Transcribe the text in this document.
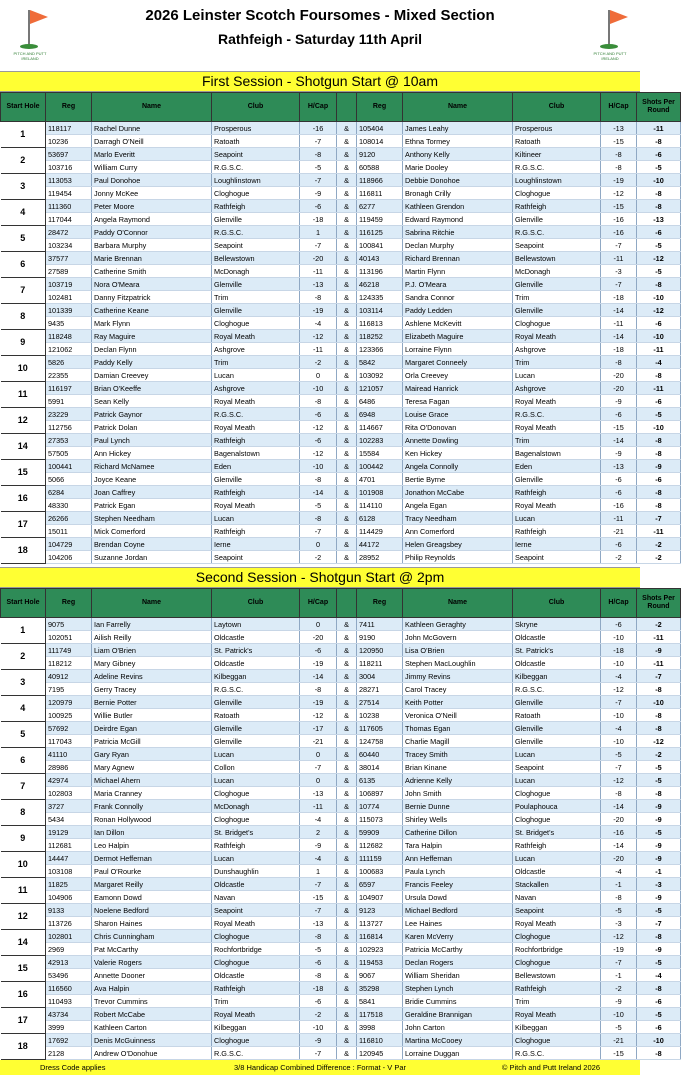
PITCH AND PUTT IRELAND
2026 Leinster Scotch Foursomes - Mixed Section
Rathfeigh - Saturday 11th April
PITCH AND PUTT IRELAND
First Session - Shotgun Start @ 10am
Start Hole	Reg	Name	Club	H/Cap		Reg	Name	Club	H/Cap	Shots Per Round
1	118117	Rachel Dunne	Prosperous	-16	&	105404	James Leahy	Prosperous	-13	-11
	10236	Darragh O'Neill	Ratoath	-7	&	108014	Ethna Tormey	Ratoath	-15	-8
2	53697	Marlo Everitt	Seapoint	-8	&	9120	Anthony Kelly	Kiltineer	-8	-6
	103716	William Curry	R.G.S.C.	-5	&	60588	Marie Dooley	R.G.S.C.	-8	-5
3	113053	Paul Donohoe	Loughlinstown	-7	&	118966	Debbie Donohoe	Loughlinstown	-19	-10
	119454	Jonny McKee	Cloghogue	-9	&	116811	Bronagh Crilly	Cloghogue	-12	-8
4	111360	Peter Moore	Rathfeigh	-6	&	6277	Kathleen Grendon	Rathfeigh	-15	-8
	117044	Angela Raymond	Glenville	-18	&	119459	Edward Raymond	Glenville	-16	-13
5	28472	Paddy O'Connor	R.G.S.C.	1	&	116125	Sabrina Ritchie	R.G.S.C.	-16	-6
	103234	Barbara Murphy	Seapoint	-7	&	100841	Declan Murphy	Seapoint	-7	-5
6	37577	Marie Brennan	Bellewstown	-20	&	40143	Richard Brennan	Bellewstown	-11	-12
	27589	Catherine Smith	McDonagh	-11	&	113196	Martin Flynn	McDonagh	-3	-5
7	103719	Nora O'Meara	Glenville	-13	&	46218	P.J. O'Meara	Glenville	-7	-8
	102481	Danny Fitzpatrick	Trim	-8	&	124335	Sandra Connor	Trim	-18	-10
8	101339	Catherine Keane	Glenville	-19	&	103114	Paddy Ledden	Glenville	-14	-12
	9435	Mark Flynn	Cloghogue	-4	&	116813	Ashlene McKevitt	Cloghogue	-11	-6
9	118248	Ray Maguire	Royal Meath	-12	&	118252	Elizabeth Maguire	Royal Meath	-14	-10
	121062	Declan Flynn	Ashgrove	-11	&	123366	Lorraine Flynn	Ashgrove	-18	-11
10	5826	Paddy Kelly	Trim	-2	&	5842	Margaret Conneely	Trim	-8	-4
	22355	Damian Creevey	Lucan	0	&	103092	Orla Creevey	Lucan	-20	-8
11	116197	Brian O'Keeffe	Ashgrove	-10	&	121057	Mairead Hanrick	Ashgrove	-20	-11
	5991	Sean Kelly	Royal Meath	-8	&	6486	Teresa Fagan	Royal Meath	-9	-6
12	23229	Patrick Gaynor	R.G.S.C.	-6	&	6948	Louise Grace	R.G.S.C.	-6	-5
	112756	Patrick Dolan	Royal Meath	-12	&	114667	Rita O'Donovan	Royal Meath	-15	-10
14	27353	Paul Lynch	Rathfeigh	-6	&	102283	Annette Dowling	Trim	-14	-8
	57505	Ann Hickey	Bagenalstown	-12	&	15584	Ken Hickey	Bagenalstown	-9	-8
15	100441	Richard McNamee	Eden	-10	&	100442	Angela Connolly	Eden	-13	-9
	5066	Joyce Keane	Glenville	-8	&	4701	Bertie Byrne	Glenville	-6	-6
16	6284	Joan Caffrey	Rathfeigh	-14	&	101908	Jonathon McCabe	Rathfeigh	-6	-8
	48330	Patrick Egan	Royal Meath	-5	&	114110	Angela Egan	Royal Meath	-16	-8
17	26266	Stephen Needham	Lucan	-8	&	6128	Tracy Needham	Lucan	-11	-7
	15011	Mick Comerford	Rathfeigh	-7	&	114429	Ann Comerford	Rathfeigh	-21	-11
18	104729	Brendan Coyne	Ierne	0	&	44172	Helen Greagsbey	Ierne	-6	-2
	104206	Suzanne Jordan	Seapoint	-2	&	28952	Philip Reynolds	Seapoint	-2	-2
Second Session - Shotgun Start @ 2pm
Start Hole	Reg	Name	Club	H/Cap		Reg	Name	Club	H/Cap	Shots Per Round
1	9075	Ian Farrelly	Laytown	0	&	7411	Kathleen Geraghty	Skryne	-6	-2
	102051	Ailish Reilly	Oldcastle	-20	&	9190	John McGovern	Oldcastle	-10	-11
2	111749	Liam O'Brien	St. Patrick's	-6	&	120950	Lisa O'Brien	St. Patrick's	-18	-9
	118212	Mary Gibney	Oldcastle	-19	&	118211	Stephen MacLoughlin	Oldcastle	-10	-11
3	40912	Adeline Revins	Kilbeggan	-14	&	3004	Jimmy Revins	Kilbeggan	-4	-7
	7195	Gerry Tracey	R.G.S.C.	-8	&	28271	Carol Tracey	R.G.S.C.	-12	-8
4	120979	Bernie Potter	Glenville	-19	&	27514	Keith Potter	Glenville	-7	-10
	100925	Willie Butler	Ratoath	-12	&	10238	Veronica O'Neill	Ratoath	-10	-8
5	57692	Deirdre Egan	Glenville	-17	&	117605	Thomas Egan	Glenville	-4	-8
	117043	Patricia McGill	Glenville	-21	&	124758	Charlie Magill	Glenville	-10	-12
6	41110	Gary Ryan	Lucan	0	&	60440	Tracey Smith	Lucan	-5	-2
	28986	Mary Agnew	Collon	-7	&	38014	Brian Kinane	Seapoint	-7	-5
7	42974	Michael Ahern	Lucan	0	&	6135	Adrienne Kelly	Lucan	-12	-5
	102803	Maria Cranney	Cloghogue	-13	&	106897	John Smith	Cloghogue	-8	-8
8	3727	Frank Connolly	McDonagh	-11	&	10774	Bernie Dunne	Poulaphouca	-14	-9
	5434	Ronan Hollywood	Cloghogue	-4	&	115073	Shirley Wells	Cloghogue	-20	-9
9	19129	Ian Dillon	St. Bridget's	2	&	59909	Catherine Dillon	St. Bridget's	-16	-5
	112681	Leo Halpin	Rathfeigh	-9	&	112682	Tara Halpin	Rathfeigh	-14	-9
10	14447	Dermot Heffernan	Lucan	-4	&	111159	Ann Heffernan	Lucan	-20	-9
	103108	Paul O'Rourke	Dunshaughlin	1	&	100683	Paula Lynch	Oldcastle	-4	-1
11	11825	Margaret Reilly	Oldcastle	-7	&	6597	Francis Feeley	Stackallen	-1	-3
	104906	Eamonn Dowd	Navan	-15	&	104907	Ursula Dowd	Navan	-8	-9
12	9133	Noelene Bedford	Seapoint	-7	&	9123	Michael Bedford	Seapoint	-5	-5
	113726	Sharon Haines	Royal Meath	-13	&	113727	Lee Haines	Royal Meath	-3	-7
14	102801	Chris Cunningham	Cloghogue	-8	&	116814	Karen McVerry	Cloghogue	-12	-8
	2969	Pat McCarthy	Rochfortbridge	-5	&	102923	Patricia McCarthy	Rochfortbridge	-19	-9
15	42913	Valerie Rogers	Cloghogue	-6	&	119453	Declan Rogers	Cloghogue	-7	-5
	53496	Annette Dooner	Oldcastle	-8	&	9067	William Sheridan	Bellewstown	-1	-4
16	116560	Ava Halpin	Rathfeigh	-18	&	35298	Stephen Lynch	Rathfeigh	-2	-8
	110493	Trevor Cummins	Trim	-6	&	5841	Bridie Cummins	Trim	-9	-6
17	43734	Robert McCabe	Royal Meath	-2	&	117518	Geraldine Brannigan	Royal Meath	-10	-5
	3999	Kathleen Carton	Kilbeggan	-10	&	3998	John Carton	Kilbeggan	-5	-6
18	17692	Denis McGuinness	Cloghogue	-9	&	116810	Martina McCooey	Cloghogue	-21	-10
	2128	Andrew O'Donohue	R.G.S.C.	-7	&	120945	Lorraine Duggan	R.G.S.C.	-15	-8
Dress Code applies	3/8 Handicap Combined Difference : Format - V Par	© Pitch and Putt Ireland 2026
